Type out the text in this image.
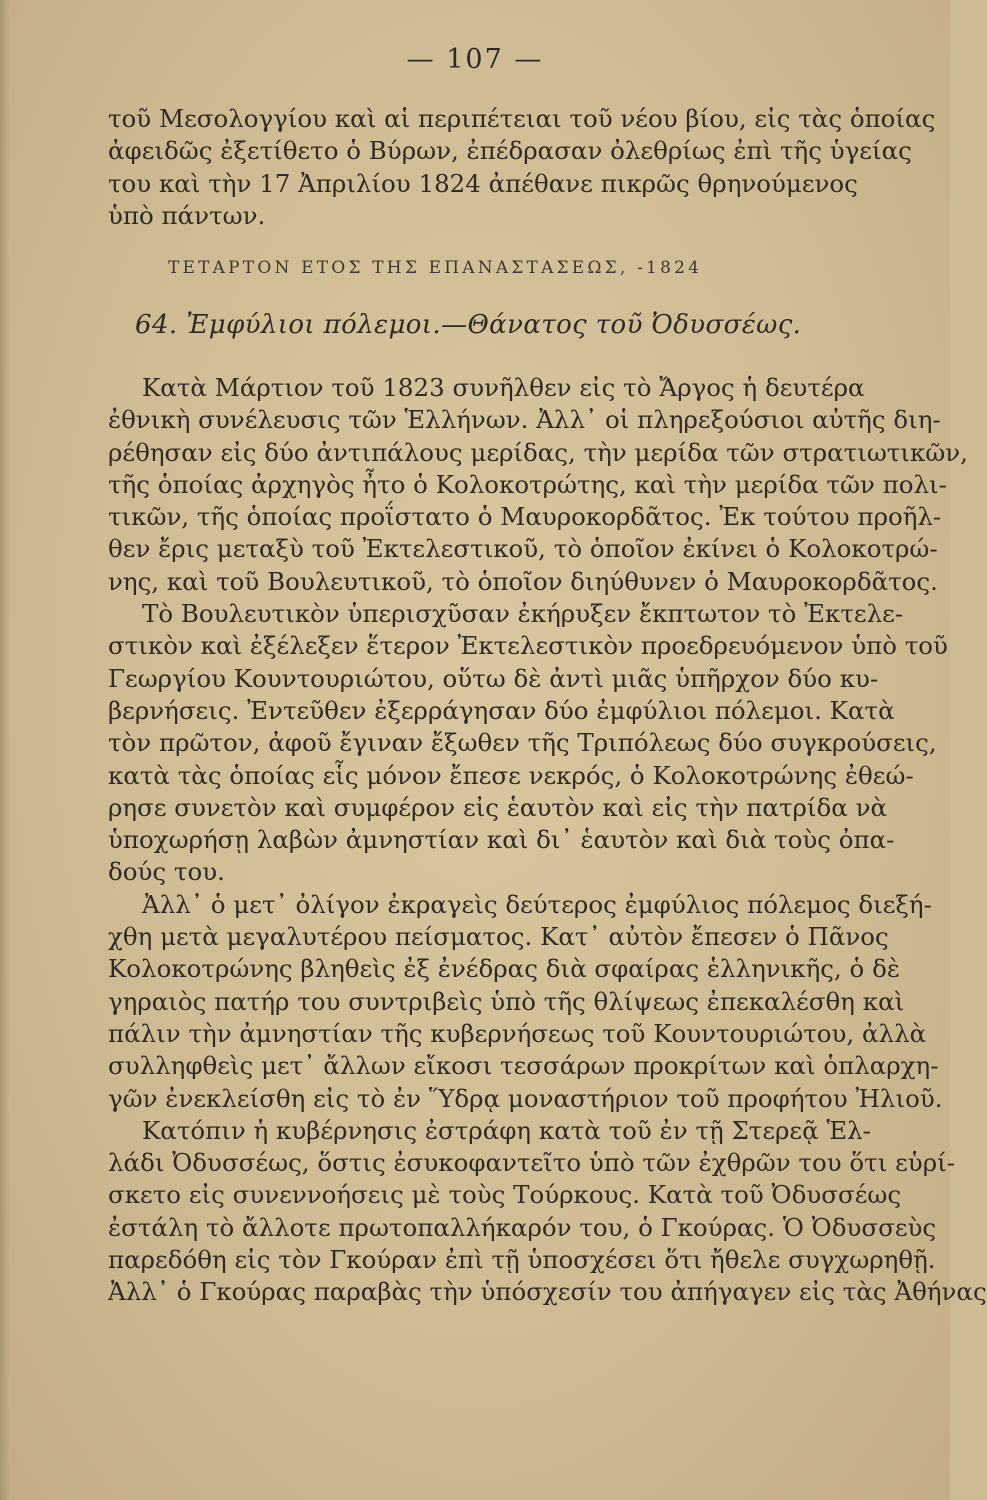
— 107 —
τοῦ Μεσολογγίου καὶ αἱ περιπέτειαι τοῦ νέου βίου, εἰς τὰς ὁποίας
ἀφειδῶς ἐξετίθετο ὁ Βύρων, ἐπέδρασαν ὀλεθρίως ἐπὶ τῆς ὑγείας
του καὶ τὴν 17 Ἀπριλίου 1824 ἀπέθανε πικρῶς θρηνούμενος
ὑπὸ πάντων.
ΤΕΤΑΡΤΟΝ ΕΤΟΣ ΤΗΣ ΕΠΑΝΑΣΤΑΣΕΩΣ, -1824
64. Ἐμφύλιοι πόλεμοι.—Θάνατος τοῦ Ὀδυσσέως.
Κατὰ Μάρτιον τοῦ 1823 συνῆλθεν εἰς τὸ Ἄργος ἡ δευτέρα
ἐθνικὴ συνέλευσις τῶν Ἑλλήνων. Ἀλλ᾿ οἱ πληρεξούσιοι αὐτῆς διη-
ρέθησαν εἰς δύο ἀντιπάλους μερίδας, τὴν μερίδα τῶν στρατιωτικῶν,
τῆς ὁποίας ἀρχηγὸς ἦτο ὁ Κολοκοτρώτης, καὶ τὴν μερίδα τῶν πολι-
τικῶν, τῆς ὁποίας προΐστατο ὁ Μαυροκορδᾶτος. Ἐκ τούτου προῆλ-
θεν ἔρις μεταξὺ τοῦ Ἐκτελεστικοῦ, τὸ ὁποῖον ἐκίνει ὁ Κολοκοτρώ-
νης, καὶ τοῦ Βουλευτικοῦ, τὸ ὁποῖον διηύθυνεν ὁ Μαυροκορδᾶτος.
Τὸ Βουλευτικὸν ὑπερισχῦσαν ἐκήρυξεν ἔκπτωτον τὸ Ἐκτελε-
στικὸν καὶ ἐξέλεξεν ἕτερον Ἐκτελεστικὸν προεδρευόμενον ὑπὸ τοῦ
Γεωργίου Κουντουριώτου, οὕτω δὲ ἀντὶ μιᾶς ὑπῆρχον δύο κυ-
βερνήσεις. Ἐντεῦθεν ἐξερράγησαν δύο ἐμφύλιοι πόλεμοι. Κατὰ
τὸν πρῶτον, ἀφοῦ ἔγιναν ἔξωθεν τῆς Τριπόλεως δύο συγκρούσεις,
κατὰ τὰς ὁποίας εἷς μόνον ἔπεσε νεκρός, ὁ Κολοκοτρώνης ἐθεώ-
ρησε συνετὸν καὶ συμφέρον εἰς ἑαυτὸν καὶ εἰς τὴν πατρίδα νὰ
ὑποχωρήσῃ λαβὼν ἀμνηστίαν καὶ δι᾿ ἑαυτὸν καὶ διὰ τοὺς ὀπα-
δούς του.
Ἀλλ᾿ ὁ μετ᾿ ὀλίγον ἐκραγεὶς δεύτερος ἐμφύλιος πόλεμος διεξή-
χθη μετὰ μεγαλυτέρου πείσματος. Κατ᾿ αὐτὸν ἔπεσεν ὁ Πᾶνος
Κολοκοτρώνης βληθεὶς ἐξ ἐνέδρας διὰ σφαίρας ἑλληνικῆς, ὁ δὲ
γηραιὸς πατήρ του συντριβεὶς ὑπὸ τῆς θλίψεως ἐπεκαλέσθη καὶ
πάλιν τὴν ἀμνηστίαν τῆς κυβερνήσεως τοῦ Κουντουριώτου, ἀλλὰ
συλληφθεὶς μετ᾿ ἄλλων εἴκοσι τεσσάρων προκρίτων καὶ ὁπλαρχη-
γῶν ἐνεκλείσθη εἰς τὸ ἐν Ὕδρᾳ μοναστήριον τοῦ προφήτου Ἠλιοῦ.
Κατόπιν ἡ κυβέρνησις ἐστράφη κατὰ τοῦ ἐν τῇ Στερεᾷ Ἑλ-
λάδι Ὀδυσσέως, ὅστις ἐσυκοφαντεῖτο ὑπὸ τῶν ἐχθρῶν του ὅτι εὑρί-
σκετο εἰς συνεννοήσεις μὲ τοὺς Τούρκους. Κατὰ τοῦ Ὀδυσσέως
ἐστάλη τὸ ἄλλοτε πρωτοπαλλήκαρόν του, ὁ Γκούρας. Ὁ Ὀδυσσεὺς
παρεδόθη εἰς τὸν Γκούραν ἐπὶ τῇ ὑποσχέσει ὅτι ἤθελε συγχωρηθῇ.
Ἀλλ᾿ ὁ Γκούρας παραβὰς τὴν ὑπόσχεσίν του ἀπήγαγεν εἰς τὰς Ἀθήνας
